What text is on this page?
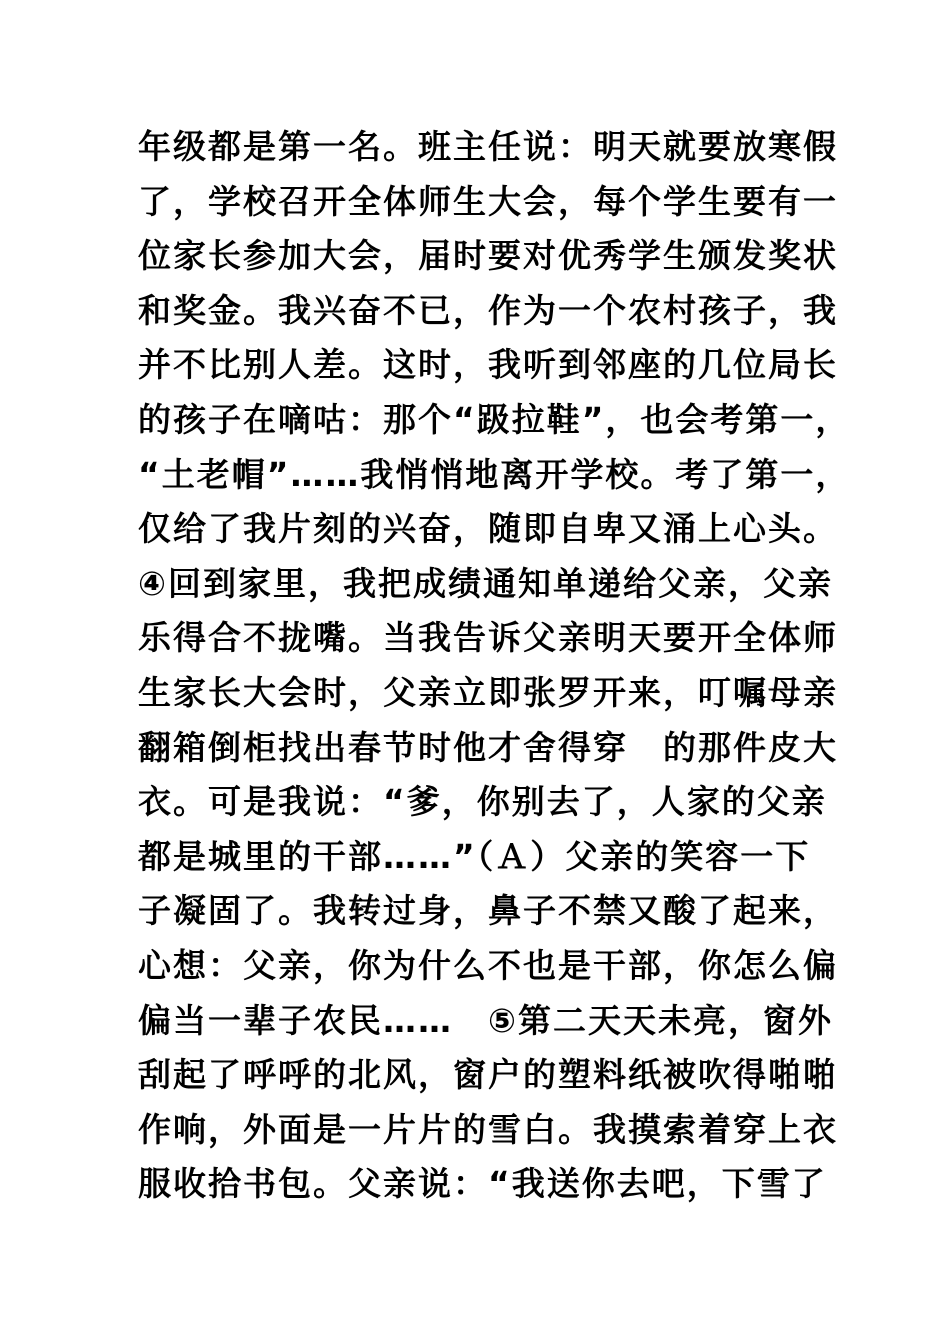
年级都是第一名。班主任说：明天就要放寒假
了，学校召开全体师生大会，每个学生要有一
位家长参加大会，届时要对优秀学生颁发奖状
和奖金。我兴奋不已，作为一个农村孩子，我
并不比别人差。这时，我听到邻座的几位局长
的孩子在嘀咕：那个“趿拉鞋”，也会考第一，
“土老帽”……我悄悄地离开学校。考了第一，
仅给了我片刻的兴奋，随即自卑又涌上心头。
④回到家里，我把成绩通知单递给父亲，父亲
乐得合不拢嘴。当我告诉父亲明天要开全体师
生家长大会时，父亲立即张罗开来，叮嘱母亲
翻箱倒柜找出春节时他才舍得穿　的那件皮大
衣。可是我说：“爹，你别去了，人家的父亲
都是城里的干部……”（Ａ）父亲的笑容一下
子凝固了。我转过身，鼻子不禁又酸了起来，
心想：父亲，你为什么不也是干部，你怎么偏
偏当一辈子农民……　⑤第二天天未亮，窗外
刮起了呼呼的北风，窗户的塑料纸被吹得啪啪
作响，外面是一片片的雪白。我摸索着穿上衣
服收拾书包。父亲说：“我送你去吧，下雪了
